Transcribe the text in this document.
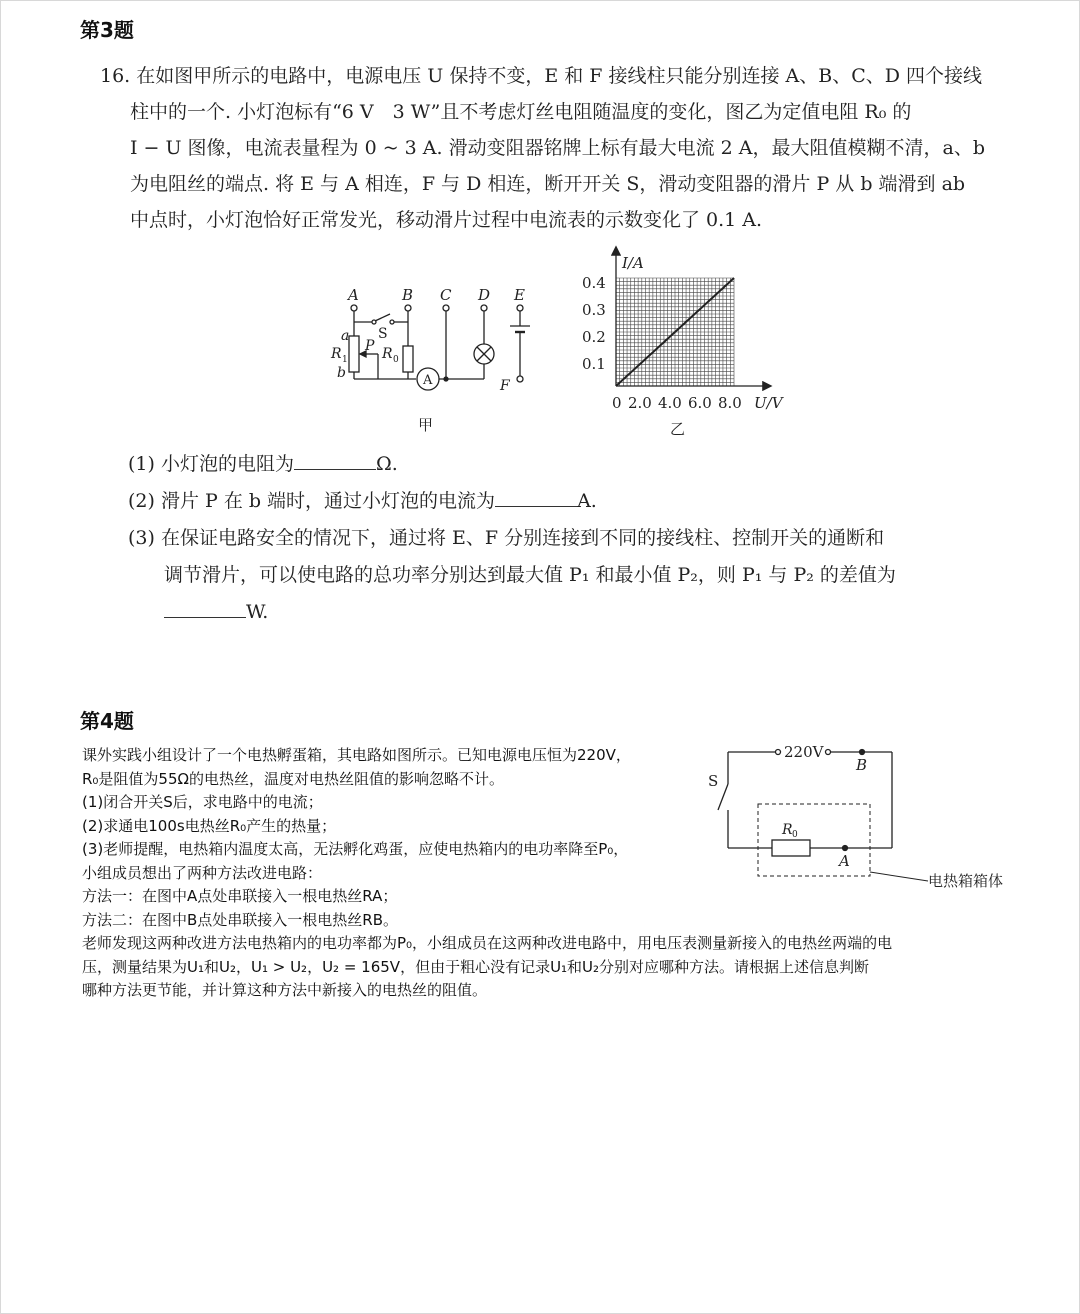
第3题
16. 在如图甲所示的电路中，电源电压 U 保持不变，E 和 F 接线柱只能分别连接 A、B、C、D 四个接线
柱中的一个. 小灯泡标有“6 V　3 W”且不考虑灯丝电阻随温度的变化，图乙为定值电阻 R₀ 的
I − U 图像，电流表量程为 0 ~ 3 A. 滑动变阻器铭牌上标有最大电流 2 A，最大阻值模糊不清，a、b
为电阻丝的端点. 将 E 与 A 相连，F 与 D 相连，断开开关 S，滑动变阻器的滑片 P 从 b 端滑到 ab
中点时，小灯泡恰好正常发光，移动滑片过程中电流表的示数变化了 0.1 A.
A	B C D E
a
b
R 1
P
S
R 0
A	F
甲
I/A
U/V
0
0.4
0.3
0.2
0.1
2.0 4.0 6.0 8.0
乙
(1) 小灯泡的电阻为	Ω.
(2) 滑片 P 在 b 端时，通过小灯泡的电流为	A.
(3) 在保证电路安全的情况下，通过将 E、F 分别连接到不同的接线柱、控制开关的通断和
调节滑片，可以使电路的总功率分别达到最大值 P₁ 和最小值 P₂，则 P₁ 与 P₂ 的差值为
W.
第4题
课外实践小组设计了一个电热孵蛋箱，其电路如图所示。已知电源电压恒为220V，
R₀是阻值为55Ω的电热丝，温度对电热丝阻值的影响忽略不计。
(1)闭合开关S后，求电路中的电流；
(2)求通电100s电热丝R₀产生的热量；
(3)老师提醒，电热箱内温度太高，无法孵化鸡蛋，应使电热箱内的电功率降至P₀，
小组成员想出了两种方法改进电路：
方法一：在图中A点处串联接入一根电热丝RA；
方法二：在图中B点处串联接入一根电热丝RB。
老师发现这两种改进方法电热箱内的电功率都为P₀，小组成员在这两种改进电路中，用电压表测量新接入的电热丝两端的电
压，测量结果为U₁和U₂，U₁ > U₂，U₂ = 165V，但由于粗心没有记录U₁和U₂分别对应哪种方法。请根据上述信息判断
哪种方法更节能，并计算这种方法中新接入的电热丝的阻值。
220V
S
B
A
R 0
电热箱箱体
